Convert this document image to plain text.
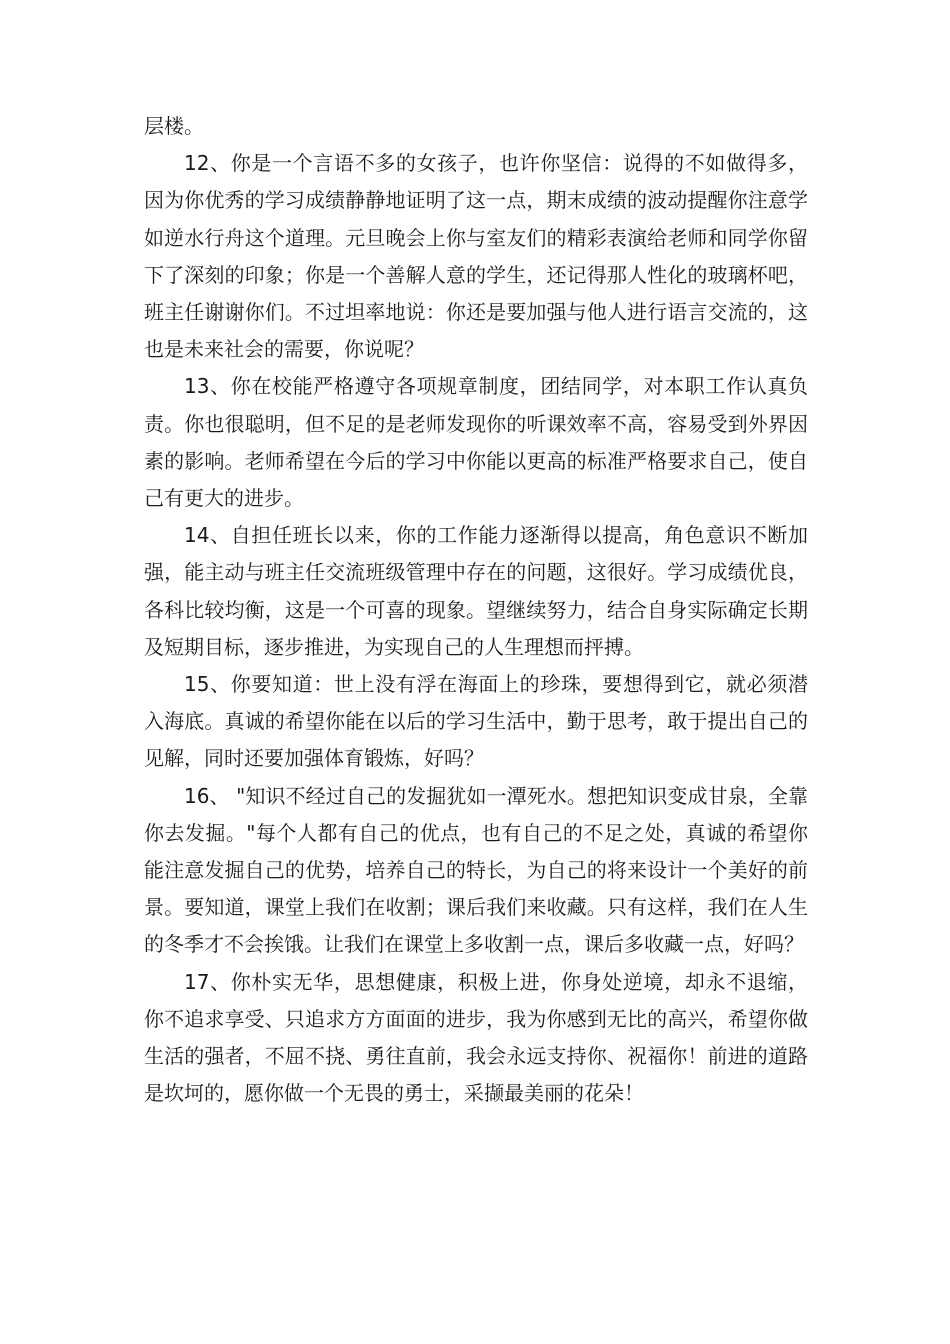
层楼。

12、你是一个言语不多的女孩子，也许你坚信：说得的不如做得多，因为你优秀的学习成绩静静地证明了这一点，期末成绩的波动提醒你注意学如逆水行舟这个道理。元旦晚会上你与室友们的精彩表演给老师和同学你留下了深刻的印象；你是一个善解人意的学生，还记得那人性化的玻璃杯吧，班主任谢谢你们。不过坦率地说：你还是要加强与他人进行语言交流的，这也是未来社会的需要，你说呢？

13、你在校能严格遵守各项规章制度，团结同学，对本职工作认真负责。你也很聪明，但不足的是老师发现你的听课效率不高，容易受到外界因素的影响。老师希望在今后的学习中你能以更高的标准严格要求自己，使自己有更大的进步。

14、自担任班长以来，你的工作能力逐渐得以提高，角色意识不断加强，能主动与班主任交流班级管理中存在的问题，这很好。学习成绩优良，各科比较均衡，这是一个可喜的现象。望继续努力，结合自身实际确定长期及短期目标，逐步推进，为实现自己的人生理想而抨搏。

15、你要知道：世上没有浮在海面上的珍珠，要想得到它，就必须潜入海底。真诚的希望你能在以后的学习生活中，勤于思考，敢于提出自己的见解，同时还要加强体育锻炼，好吗？

16、 "知识不经过自己的发掘犹如一潭死水。想把知识变成甘泉，全靠你去发掘。"每个人都有自己的优点，也有自己的不足之处，真诚的希望你能注意发掘自己的优势，培养自己的特长，为自己的将来设计一个美好的前景。要知道，课堂上我们在收割；课后我们来收藏。只有这样，我们在人生的冬季才不会挨饿。让我们在课堂上多收割一点，课后多收藏一点，好吗？

17、你朴实无华，思想健康，积极上进，你身处逆境，却永不退缩，你不追求享受、只追求方方面面的进步，我为你感到无比的高兴，希望你做生活的强者，不屈不挠、勇往直前，我会永远支持你、祝福你！前进的道路是坎坷的，愿你做一个无畏的勇士，采撷最美丽的花朵！
